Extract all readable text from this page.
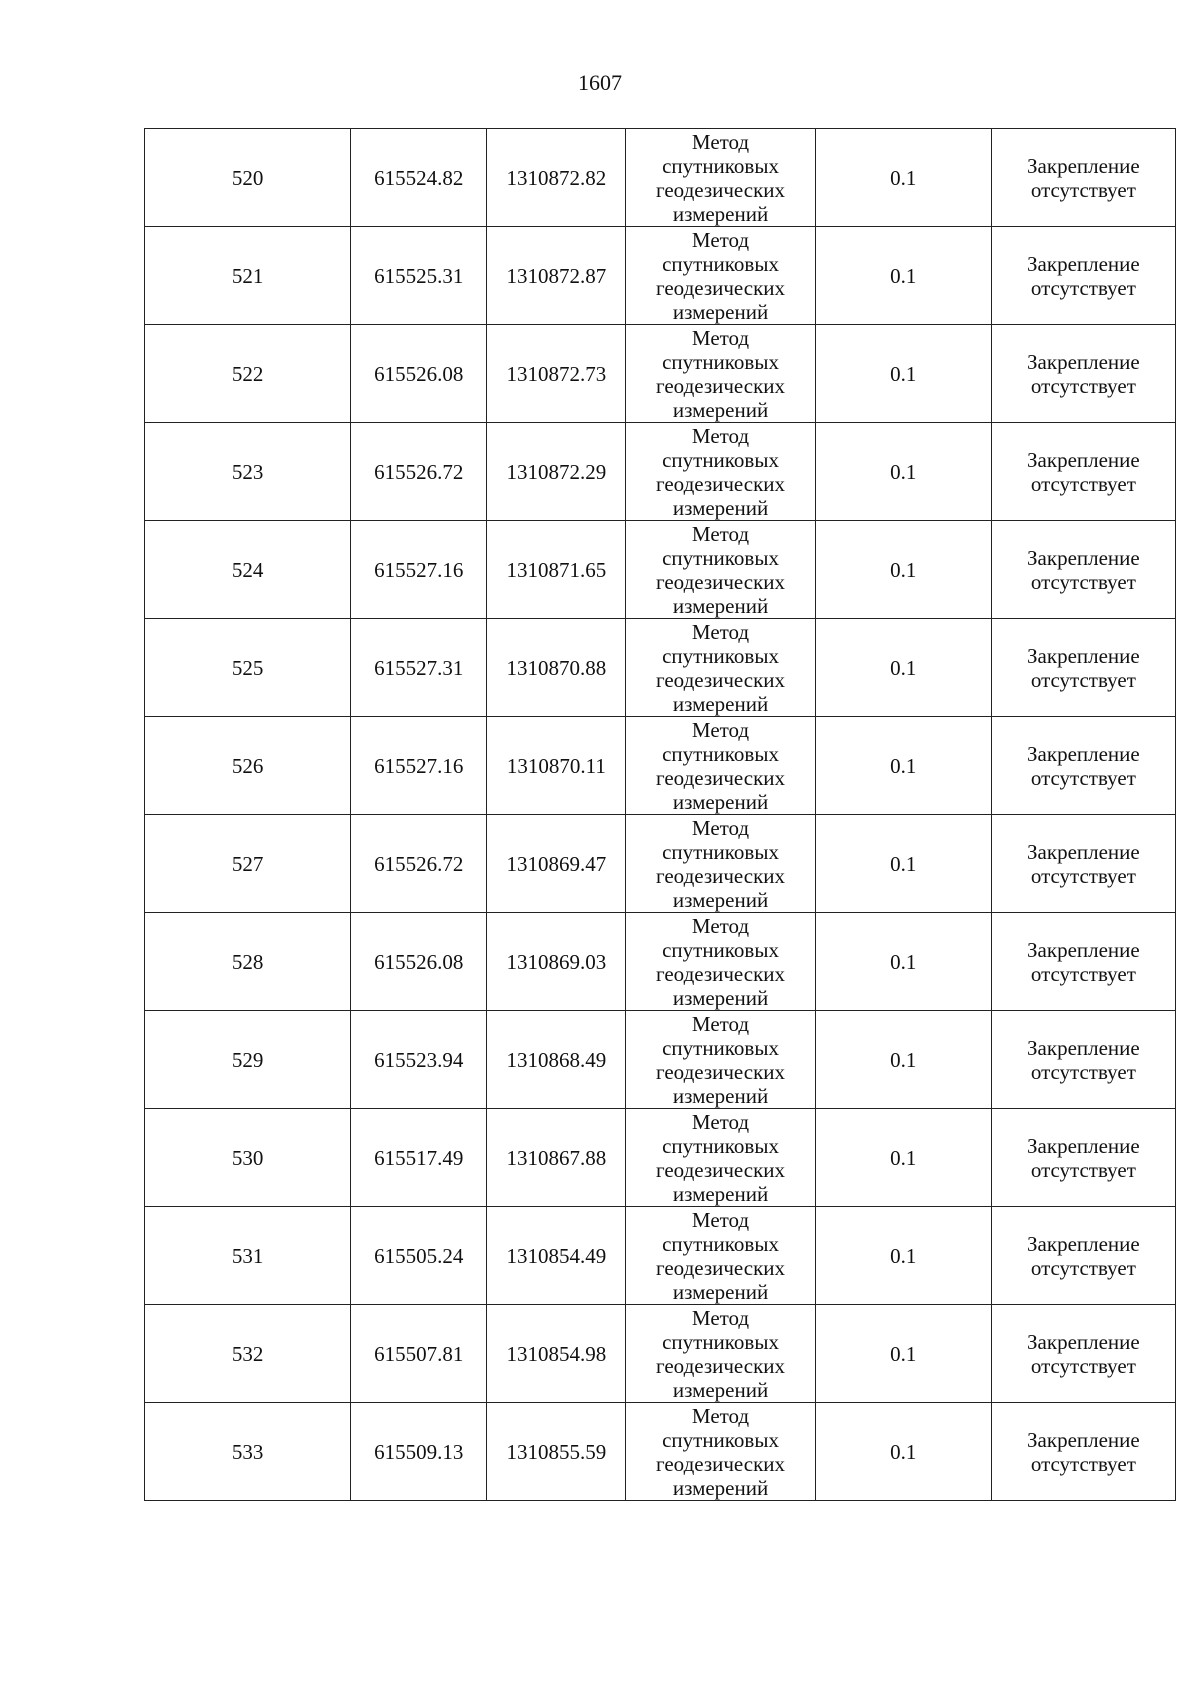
1607
520	615524.82	1310872.82	Метод
спутниковых
геодезических
измерений	0.1	Закрепление
отсутствует

521	615525.31	1310872.87	Метод
спутниковых
геодезических
измерений	0.1	Закрепление
отсутствует

522	615526.08	1310872.73	Метод
спутниковых
геодезических
измерений	0.1	Закрепление
отсутствует

523	615526.72	1310872.29	Метод
спутниковых
геодезических
измерений	0.1	Закрепление
отсутствует

524	615527.16	1310871.65	Метод
спутниковых
геодезических
измерений	0.1	Закрепление
отсутствует

525	615527.31	1310870.88	Метод
спутниковых
геодезических
измерений	0.1	Закрепление
отсутствует

526	615527.16	1310870.11	Метод
спутниковых
геодезических
измерений	0.1	Закрепление
отсутствует

527	615526.72	1310869.47	Метод
спутниковых
геодезических
измерений	0.1	Закрепление
отсутствует

528	615526.08	1310869.03	Метод
спутниковых
геодезических
измерений	0.1	Закрепление
отсутствует

529	615523.94	1310868.49	Метод
спутниковых
геодезических
измерений	0.1	Закрепление
отсутствует

530	615517.49	1310867.88	Метод
спутниковых
геодезических
измерений	0.1	Закрепление
отсутствует

531	615505.24	1310854.49	Метод
спутниковых
геодезических
измерений	0.1	Закрепление
отсутствует

532	615507.81	1310854.98	Метод
спутниковых
геодезических
измерений	0.1	Закрепление
отсутствует

533	615509.13	1310855.59	Метод
спутниковых
геодезических
измерений	0.1	Закрепление
отсутствует
